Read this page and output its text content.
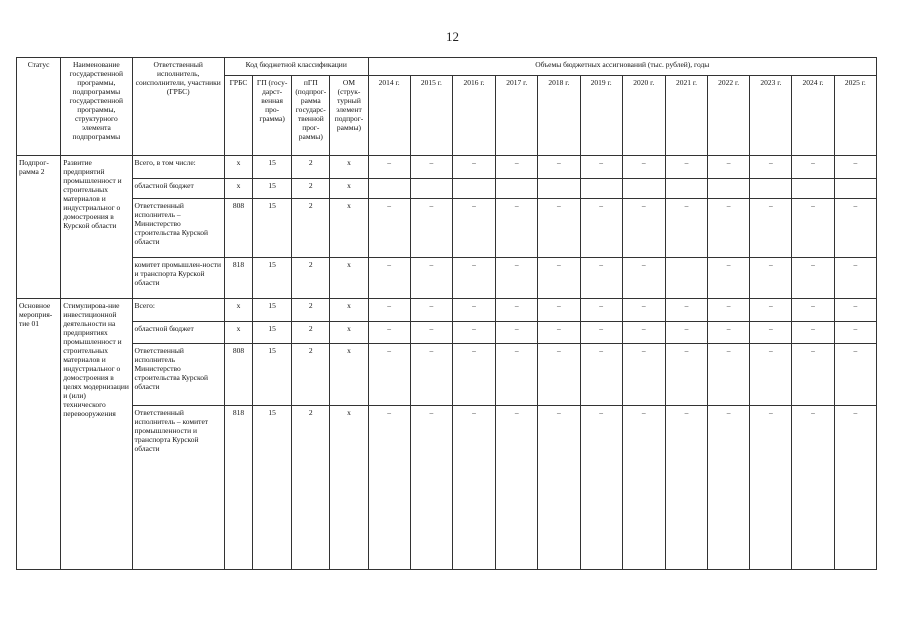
12
Статус	Наименование государственной программы, подпрограммы государственной программы, структурного элемента подпрограммы	Ответственный исполнитель, соисполнители, участники (ГРБС)	Код бюджетной классификации				Объемы бюджетных ассигнований (тыс. рублей), годы											
			ГРБС	ГП (госу-дарст-венная про-грамма)	пГП (подпрог-рамма государс-твенной прог-раммы)	ОМ (струк-турный элемент подпрог-раммы)	2014 г.	2015 г.	2016 г.	2017 г.	2018 г.	2019 г.	2020 г.	2021 г.	2022 г.	2023 г.	2024 г.	2025 г.
Подпрог-рамма 2	Развитие предприятий промышленност и строительных материалов и индустриальног о домостроения в Курской области	Всего, в том числе:	х	15	2	х	–	–	–	–	–	–	–	–	–	–	–	–
		областной бюджет	х	15	2	х												
		Ответственный исполнитель – Министерство строительства Курской области	808	15	2	х	–	–	–	–	–	–	–	–	–	–	–	–
		комитет промышлен-ности и транспорта Курской области	818	15	2	х	–	–	–	–	–	–	–		–	–	–	–
Основное мероприя-тие 01	Стимулирова-ние инвестиционной деятельности на предприятиях промышленност и строительных материалов и индустриальног о домостроения в целях модернизации и (или) технического перевооружения	Всего:	х	15	2	х	–	–	–	–	–	–	–	–	–	–	–	–
		областной бюджет	х	15	2	х	–	–	–	–	–	–	–	–	–	–	–	–
		Ответственный исполнитель Министерство строительства Курской области	808	15	2	х	–	–	–	–	–	–	–	–	–	–	–	–
		Ответственный исполнитель – комитет промышленности и транспорта Курской области	818	15	2	х	–	–	–	–	–	–	–	–	–	–	–	–
